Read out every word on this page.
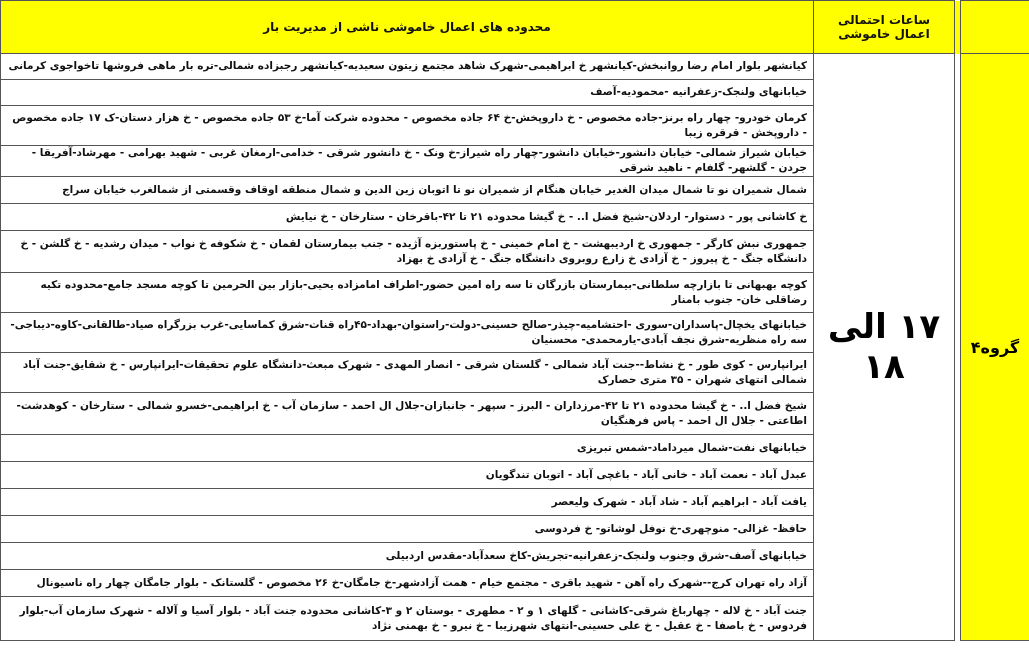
		ساعات احتمالی اعمال خاموشی	محدوده های اعمال خاموشی ناشی از مدیریت بار
گروه۴		۱۷ الی ۱۸	کیانشهر بلوار امام رضا روانبخش-کیانشهر خ ابراهیمی-شهرک شاهد مجتمع زیتون سعیدیه-کیانشهر رجبزاده شمالی-تره بار ماهی فروشها تاخواجوی کرمانی
			خیابانهای ولنجک-زعفرانیه -محمودیه-آصف
			کرمان خودرو- چهار راه برنز-جاده مخصوص - خ داروپخش-خ ۶۴ جاده مخصوص - محدوده شرکت آما-خ ۵۳ جاده مخصوص - خ هزار دستان-ک ۱۷ جاده مخصوص - داروپخش - قرقره زیبا
			خیابان شیراز شمالی- خیابان دانشور-خیابان دانشور-چهار راه شیراز-خ ونک - خ دانشور شرقی - خدامی-ارمغان غربی - شهید بهرامی - مهرشاد-آفریقا - جردن - گلشهر- گلفام - ناهید شرقی
			شمال شمیران نو تا شمال میدان الغدیر خیابان هنگام از شمیران نو تا اتوبان زین الدین و شمال منطقه اوقاف وقسمتی از شمالغرب خیابان سراج
			خ کاشانی پور - دستوار- اردلان-شیخ فضل ا.. - خ گیشا محدوده ۲۱ تا ۴۲-باقرخان - ستارخان - خ نیایش
			جمهوری نبش کارگر - جمهوری خ اردیبهشت - خ امام خمینی - خ پاستوربزه آژیده - جنب بیمارستان لقمان - خ شکوفه خ نواب - میدان رشدیه - خ گلشن - خ دانشگاه جنگ - خ پیروز - خ آزادی خ زارع روبروی دانشگاه جنگ - خ آزادی خ بهزاد
			کوچه بهبهانی تا بازارچه سلطانی-بیمارستان بازرگان تا سه راه امین حضور-اطراف امامزاده یحیی-بازار بین الحرمین تا کوچه مسجد جامع-محدوده تکیه رضاقلی خان- جنوب بامنار
			خیابانهای یخچال-پاسداران-سوری -احتشامیه-چیذر-صالح حسینی-دولت-راستوان-بهداد-۴۵راه قنات-شرق کماسایی-غرب بزرگراه صیاد-طالقانی-کاوه-دیباجی-سه راه منظریه-شرق نجف آبادی-یارمحمدی- محسنیان
			ایرانپارس - کوی طور - خ نشاط--جنت آباد شمالی - گلستان شرقی - انصار المهدی - شهرک مبعث-دانشگاه علوم تحقیقات-ایرانپارس - خ شقایق-جنت آباد شمالی انتهای شهران - ۳۵ متری حصارک
			شیخ فضل ا.. - خ گیشا محدوده ۲۱ تا ۴۲-مرزداران - البرز - سپهر - جانبازان-جلال ال احمد - سازمان آب - خ ابراهیمی-خسرو شمالی - ستارخان - کوهدشت-اطاعتی - جلال ال احمد - پاس فرهنگیان
			خیابانهای نفت-شمال میرداماد-شمس تبریزی
			عبدل آباد - نعمت آباد - خانی آباد - باغچی آباد - اتوبان تندگویان
			یافت آباد - ابراهیم آباد - شاد آباد - شهرک ولیعصر
			حافظ- غزالی- منوچهری-خ نوفل لوشاتو- خ فردوسی
			خیابانهای آصف-شرق وجنوب ولنجک-زعفرانیه-تجریش-کاخ سعدآباد-مقدس اردبیلی
			آزاد راه تهران کرج--شهرک راه آهن - شهید باقری - مجتمع خیام - همت آزادشهر-خ جامگان-خ ۲۶ مخصوص - گلستانک - بلوار جامگان چهار راه ناسیونال
			جنت آباد - خ لاله - چهارباغ شرقی-کاشانی - گلهای ۱ و ۲ - مطهری - بوستان ۲ و ۳-کاشانی محدوده جنت آباد - بلوار آسیا و آلاله - شهرک سازمان آب-بلوار فردوس - خ باصفا - خ عقیل - خ علی حسینی-انتهای شهرزیبا - خ نیرو - خ بهمنی نژاد
